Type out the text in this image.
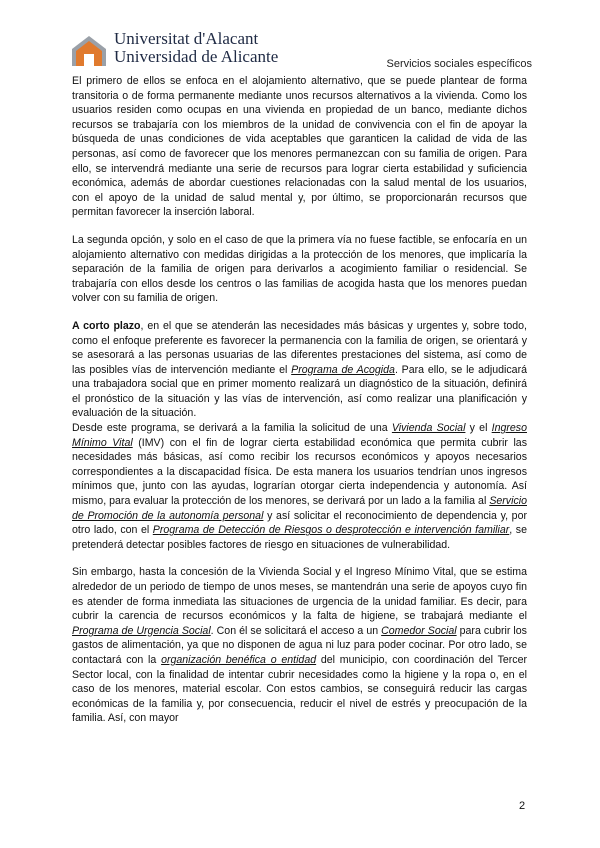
Universitat d'Alacant
Universidad de Alicante	Servicios sociales específicos

El primero de ellos se enfoca en el alojamiento alternativo, que se puede plantear de forma transitoria o de forma permanente mediante unos recursos alternativos a la vivienda. Como los usuarios residen como ocupas en una vivienda en propiedad de un banco, mediante dichos recursos se trabajaría con los miembros de la unidad de convivencia con el fin de apoyar la búsqueda de unas condiciones de vida aceptables que garanticen la calidad de vida de las personas, así como de favorecer que los menores permanezcan con su familia de origen. Para ello, se intervendrá mediante una serie de recursos para lograr cierta estabilidad y suficiencia económica, además de abordar cuestiones relacionadas con la salud mental de los usuarios, con el apoyo de la unidad de salud mental y, por último, se proporcionarán recursos que permitan favorecer la inserción laboral.

La segunda opción, y solo en el caso de que la primera vía no fuese factible, se enfocaría en un alojamiento alternativo con medidas dirigidas a la protección de los menores, que implicaría la separación de la familia de origen para derivarlos a acogimiento familiar o residencial. Se trabajaría con ellos desde los centros o las familias de acogida hasta que los menores puedan volver con su familia de origen.

A corto plazo, en el que se atenderán las necesidades más básicas y urgentes y, sobre todo, como el enfoque preferente es favorecer la permanencia con la familia de origen, se orientará y se asesorará a las personas usuarias de las diferentes prestaciones del sistema, así como de las posibles vías de intervención mediante el Programa de Acogida. Para ello, se le adjudicará una trabajadora social que en primer momento realizará un diagnóstico de la situación, definirá el pronóstico de la situación y las vías de intervención, así como realizar una planificación y evaluación de la situación.

Desde este programa, se derivará a la familia la solicitud de una Vivienda Social y el Ingreso Mínimo Vital (IMV) con el fin de lograr cierta estabilidad económica que permita cubrir las necesidades más básicas, así como recibir los recursos económicos y apoyos necesarios correspondientes a la discapacidad física. De esta manera los usuarios tendrían unos ingresos mínimos que, junto con las ayudas, lograrían otorgar cierta independencia y autonomía. Así mismo, para evaluar la protección de los menores, se derivará por un lado a la familia al Servicio de Promoción de la autonomía personal y así solicitar el reconocimiento de dependencia y, por otro lado, con el Programa de Detección de Riesgos o desprotección e intervención familiar, se pretenderá detectar posibles factores de riesgo en situaciones de vulnerabilidad.

Sin embargo, hasta la concesión de la Vivienda Social y el Ingreso Mínimo Vital, que se estima alrededor de un periodo de tiempo de unos meses, se mantendrán una serie de apoyos cuyo fin es atender de forma inmediata las situaciones de urgencia de la unidad familiar. Es decir, para cubrir la carencia de recursos económicos y la falta de higiene, se trabajará mediante el Programa de Urgencia Social. Con él se solicitará el acceso a un Comedor Social para cubrir los gastos de alimentación, ya que no disponen de agua ni luz para poder cocinar. Por otro lado, se contactará con la organización benéfica o entidad del municipio, con coordinación del Tercer Sector local, con la finalidad de intentar cubrir necesidades como la higiene y la ropa o, en el caso de los menores, material escolar. Con estos cambios, se conseguirá reducir las cargas económicas de la familia y, por consecuencia, reducir el nivel de estrés y preocupación de la familia. Así, con mayor

2
